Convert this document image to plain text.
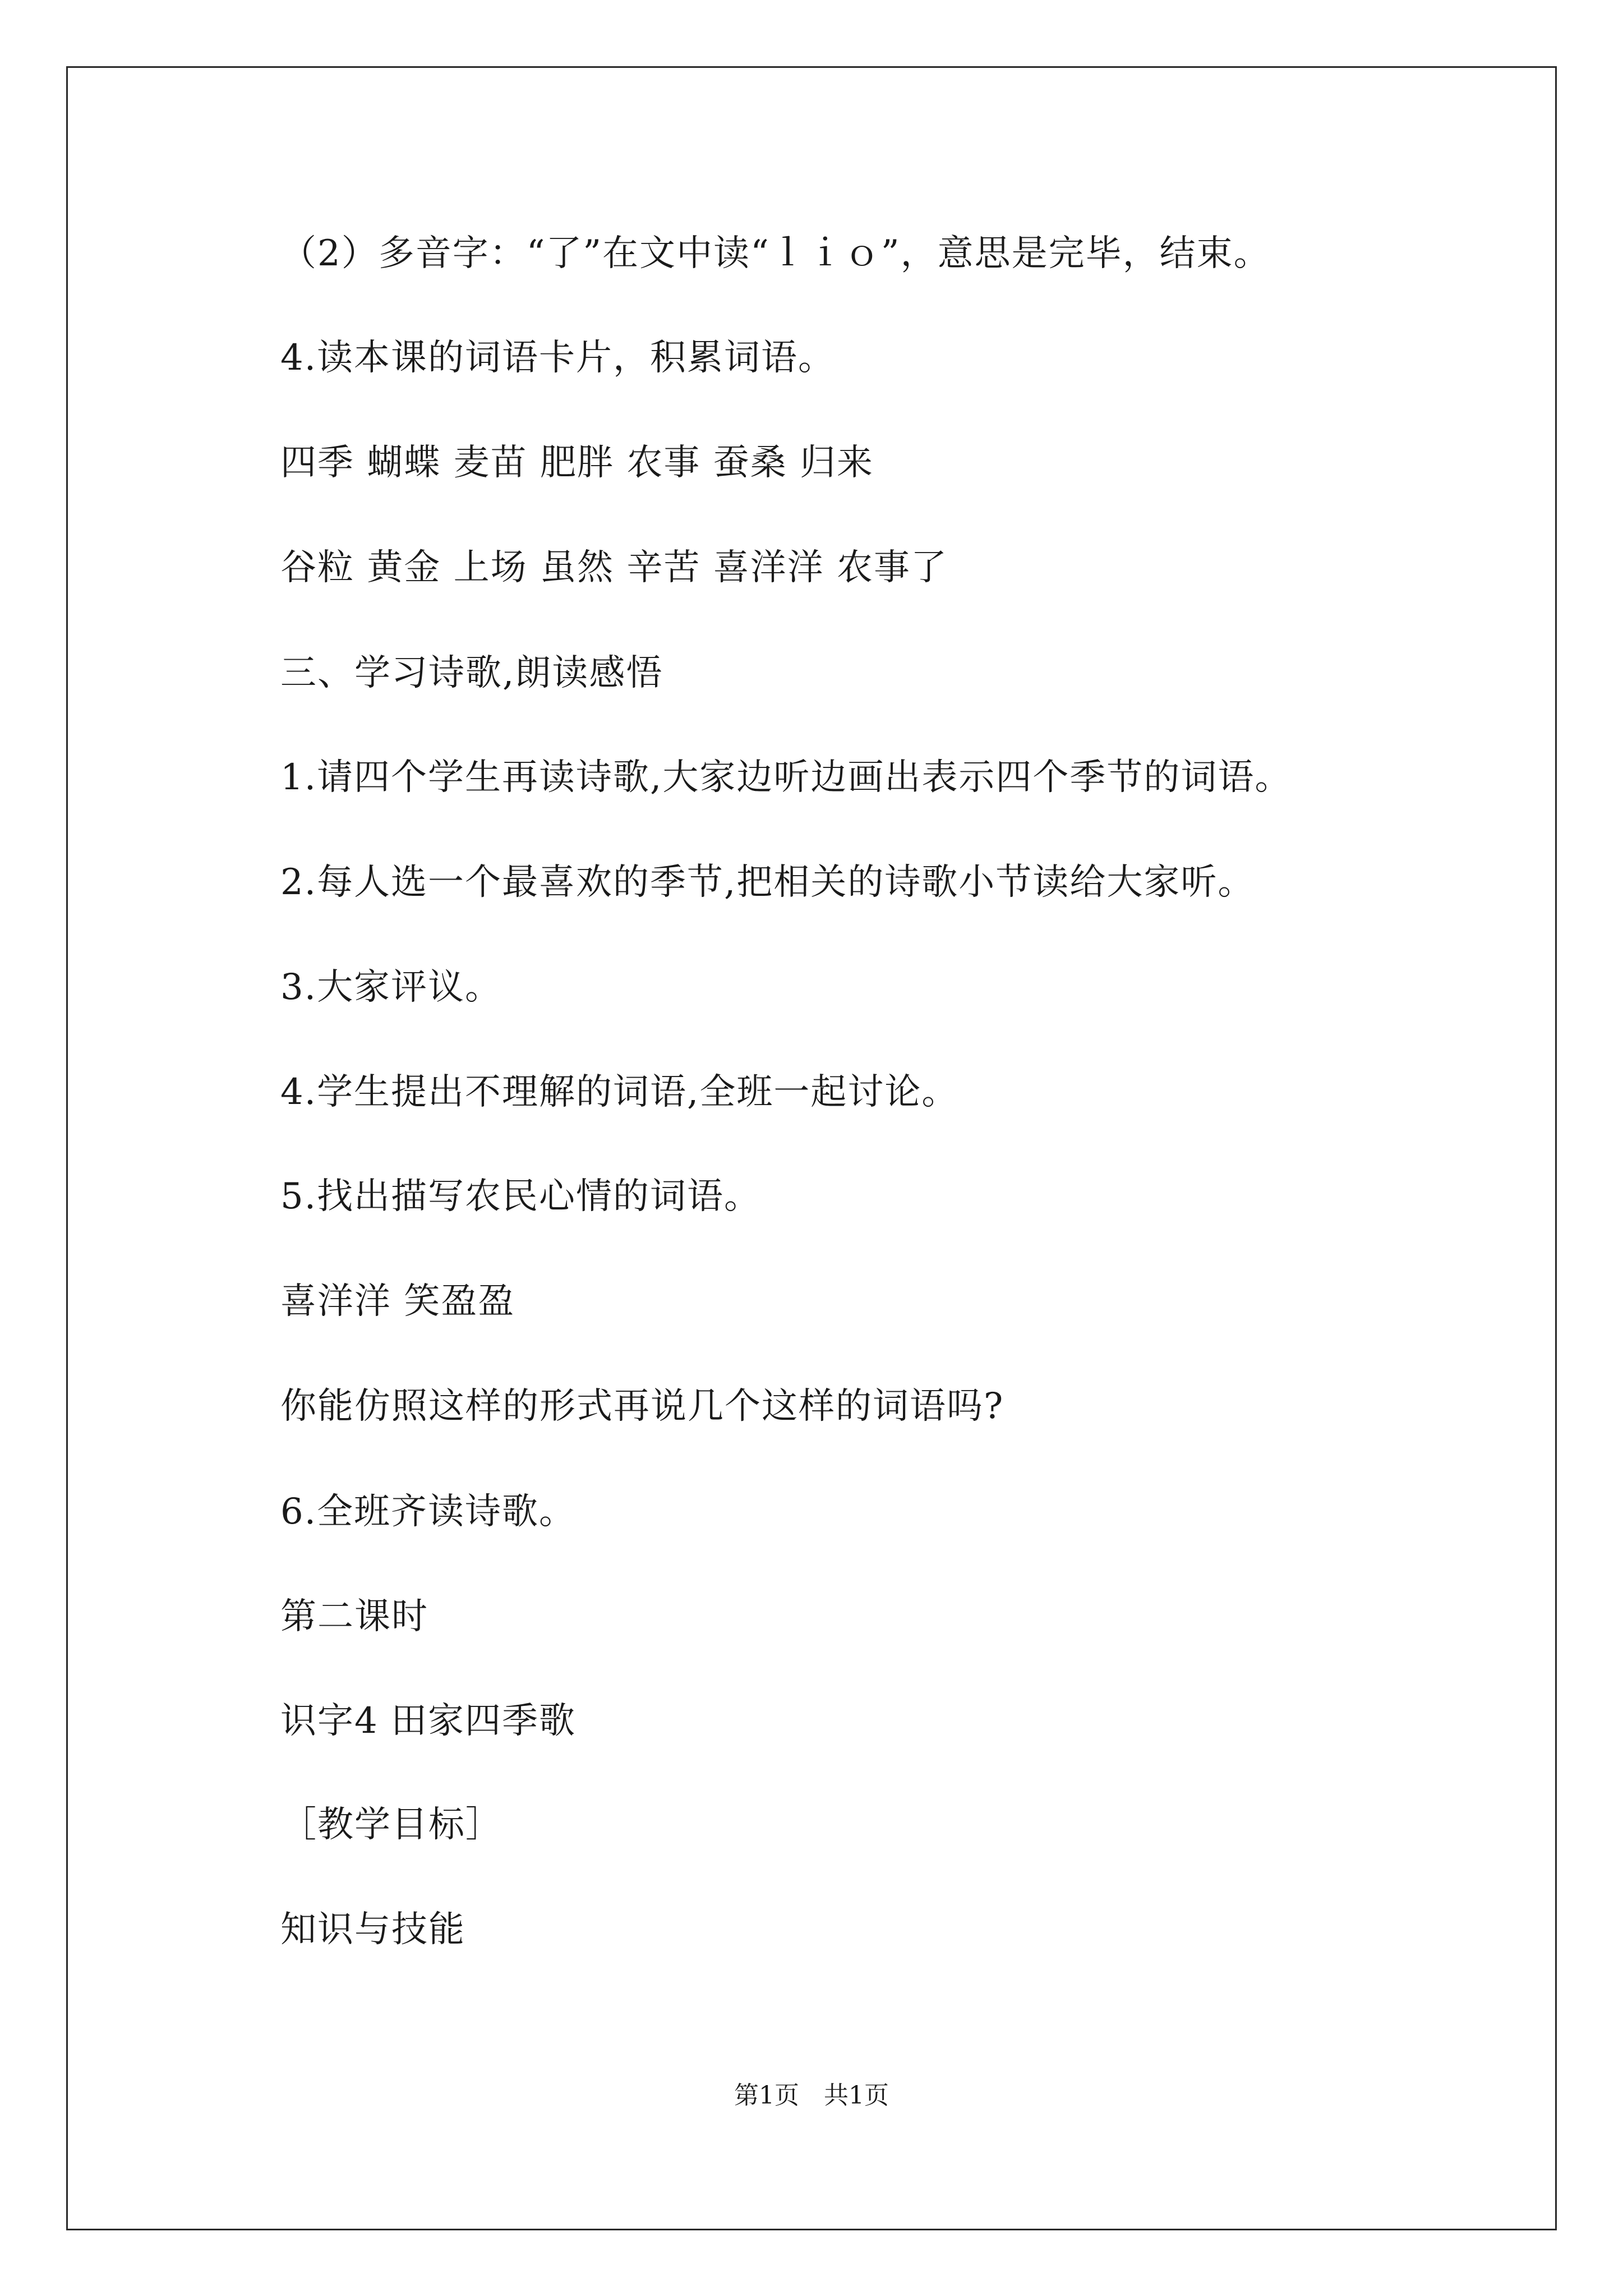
（2）多音字：“了”在文中读“ｌｉｏ”，意思是完毕，结束。
4.读本课的词语卡片，积累词语。
四季 蝴蝶 麦苗 肥胖 农事 蚕桑 归来
谷粒 黄金 上场 虽然 辛苦 喜洋洋 农事了
三、学习诗歌,朗读感悟
1.请四个学生再读诗歌,大家边听边画出表示四个季节的词语。
2.每人选一个最喜欢的季节,把相关的诗歌小节读给大家听。
3.大家评议。
4.学生提出不理解的词语,全班一起讨论。
5.找出描写农民心情的词语。
喜洋洋 笑盈盈
你能仿照这样的形式再说几个这样的词语吗?
6.全班齐读诗歌。
第二课时
识字4 田家四季歌
［教学目标］
知识与技能
第1页　共1页
